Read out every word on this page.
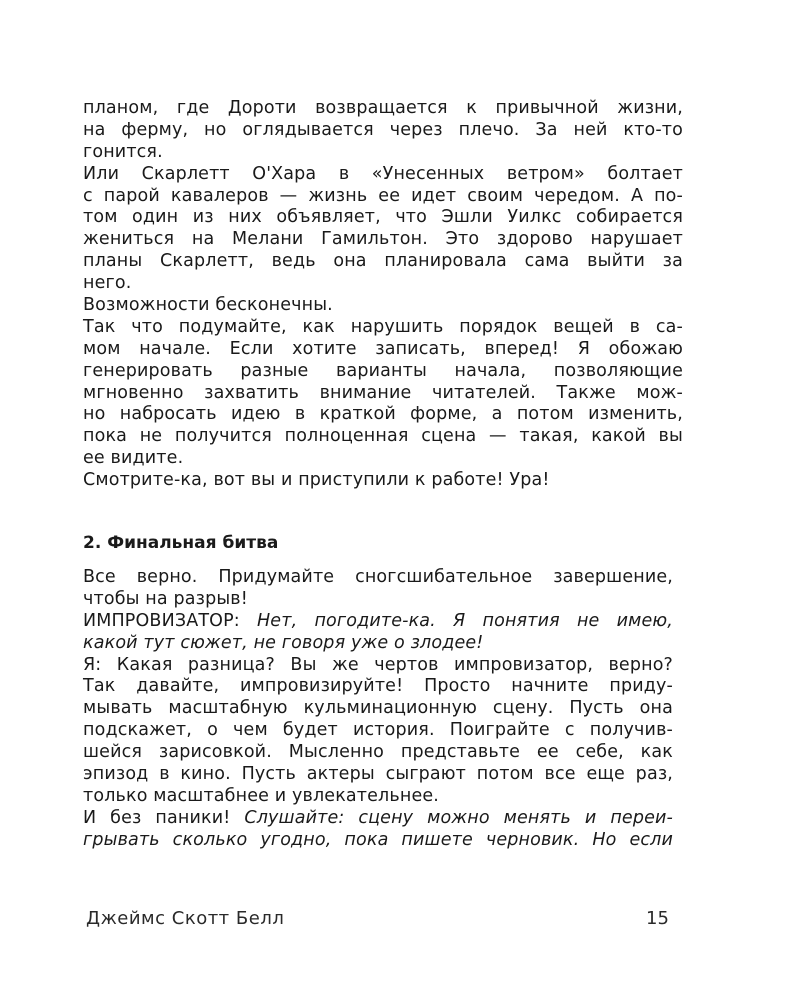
планом, где Дороти возвращается к привычной жизни,
на ферму, но оглядывается через плечо. За ней кто-то
гонится.
Или Скарлетт О'Хара в «Унесенных ветром» болтает
с парой кавалеров — жизнь ее идет своим чередом. А по-
том один из них объявляет, что Эшли Уилкс собирается
жениться на Мелани Гамильтон. Это здорово нарушает
планы Скарлетт, ведь она планировала сама выйти за
него.
Возможности бесконечны.
Так что подумайте, как нарушить порядок вещей в са-
мом начале. Если хотите записать, вперед! Я обожаю
генерировать разные варианты начала, позволяющие
мгновенно захватить внимание читателей. Также мож-
но набросать идею в краткой форме, а потом изменить,
пока не получится полноценная сцена — такая, какой вы
ее видите.
Смотрите-ка, вот вы и приступили к работе! Ура!
2. Финальная битва
Все верно. Придумайте сногсшибательное завершение,
чтобы на разрыв!
ИМПРОВИЗАТОР: Нет, погодите-ка. Я понятия не имею,
какой тут сюжет, не говоря уже о злодее!
Я: Какая разница? Вы же чертов импровизатор, верно?
Так давайте, импровизируйте! Просто начните приду-
мывать масштабную кульминационную сцену. Пусть она
подскажет, о чем будет история. Поиграйте с получив-
шейся зарисовкой. Мысленно представьте ее себе, как
эпизод в кино. Пусть актеры сыграют потом все еще раз,
только масштабнее и увлекательнее.
И без паники! Слушайте: сцену можно менять и переи-
грывать сколько угодно, пока пишете черновик. Но если
Джеймс Скотт Белл	15
